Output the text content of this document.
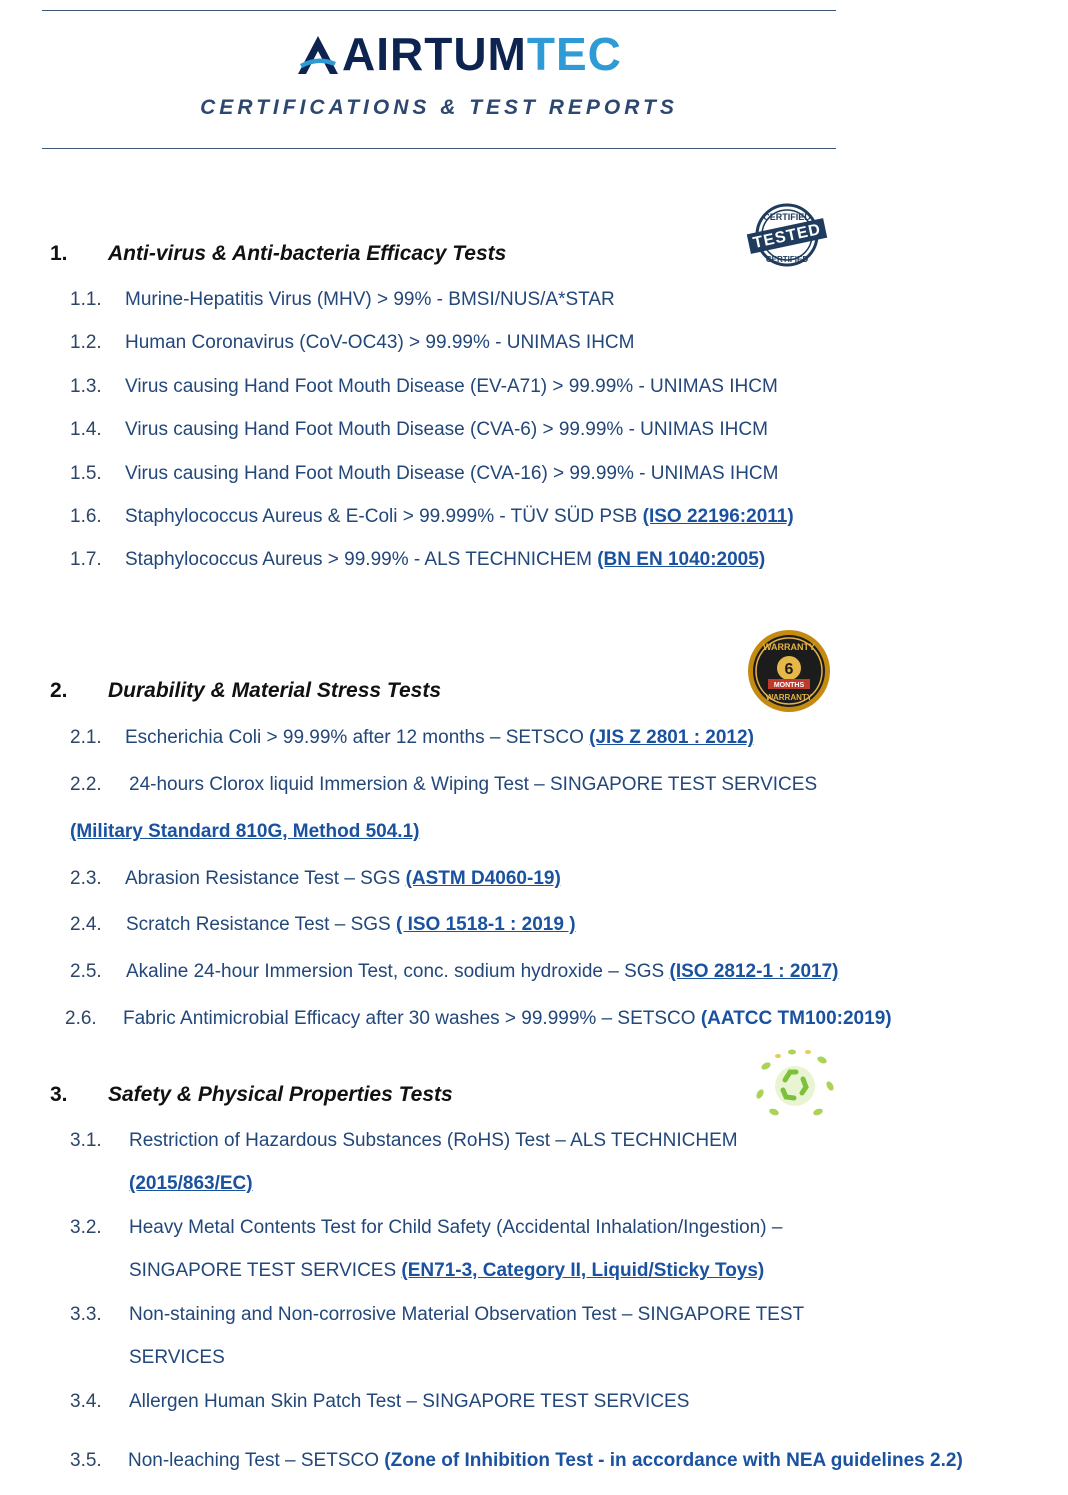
AIRTUMTEC
CERTIFICATIONS & TEST REPORTS
CERTIFIED
TESTED
CERTIFIED
WARRANTY
6
MONTHS
WARRANTY
1. Anti-virus & Anti-bacteria Efficacy Tests
1.1. Murine-Hepatitis Virus (MHV) > 99% - BMSI/NUS/A*STAR
1.2. Human Coronavirus (CoV-OC43) > 99.99% - UNIMAS IHCM
1.3. Virus causing Hand Foot Mouth Disease (EV-A71) > 99.99% - UNIMAS IHCM
1.4. Virus causing Hand Foot Mouth Disease (CVA-6) > 99.99% - UNIMAS IHCM
1.5. Virus causing Hand Foot Mouth Disease (CVA-16) > 99.99% - UNIMAS IHCM
1.6. Staphylococcus Aureus & E-Coli > 99.999% - TÜV SÜD PSB (ISO 22196:2011)
1.7. Staphylococcus Aureus > 99.99% - ALS TECHNICHEM (BN EN 1040:2005)
2. Durability & Material Stress Tests
2.1. Escherichia Coli > 99.99% after 12 months – SETSCO (JIS Z 2801 : 2012)
2.2. 24-hours Clorox liquid Immersion & Wiping Test – SINGAPORE TEST SERVICES
(Military Standard 810G, Method 504.1)
2.3. Abrasion Resistance Test – SGS (ASTM D4060-19)
2.4. Scratch Resistance Test – SGS ( ISO 1518-1 : 2019 )
2.5. Akaline 24-hour Immersion Test, conc. sodium hydroxide – SGS (ISO 2812-1 : 2017)
2.6. Fabric Antimicrobial Efficacy after 30 washes > 99.999% – SETSCO (AATCC TM100:2019)
3. Safety & Physical Properties Tests
3.1. Restriction of Hazardous Substances (RoHS) Test – ALS TECHNICHEM
(2015/863/EC)
3.2. Heavy Metal Contents Test for Child Safety (Accidental Inhalation/Ingestion) –
SINGAPORE TEST SERVICES (EN71-3, Category II, Liquid/Sticky Toys)
3.3. Non-staining and Non-corrosive Material Observation Test – SINGAPORE TEST
SERVICES
3.4. Allergen Human Skin Patch Test – SINGAPORE TEST SERVICES
3.5. Non-leaching Test – SETSCO (Zone of Inhibition Test - in accordance with NEA guidelines 2.2)
